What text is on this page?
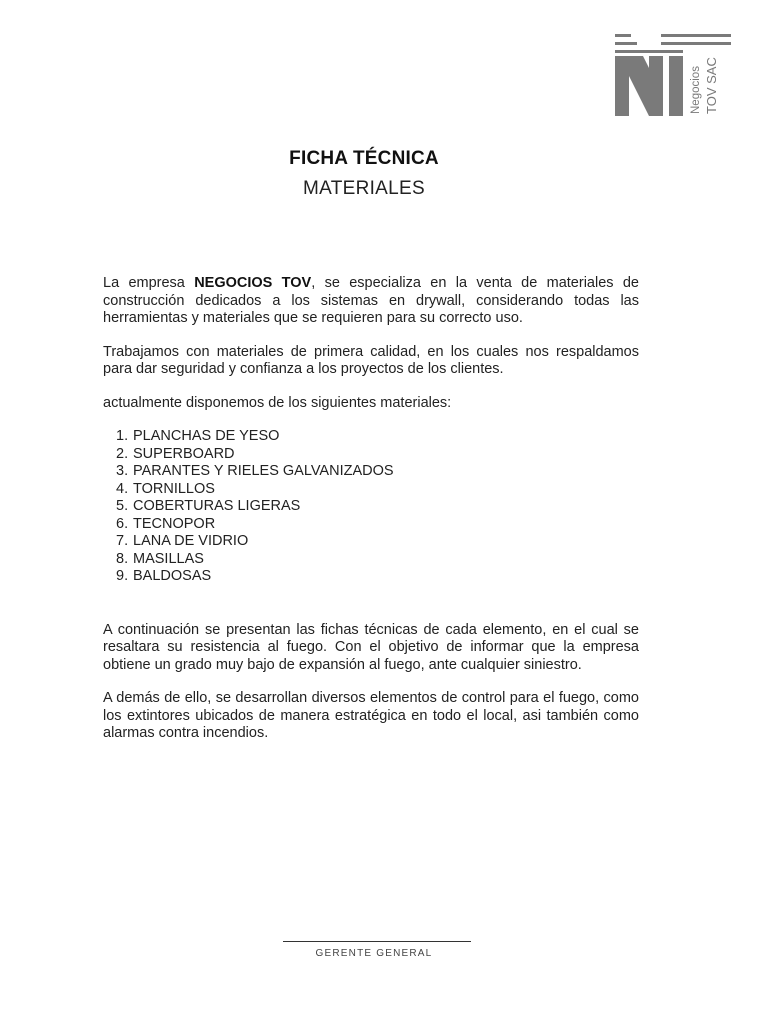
Negocios TOV SAC
FICHA TÉCNICA
MATERIALES

La empresa NEGOCIOS TOV, se especializa en la venta de materiales de construcción dedicados a los sistemas en drywall, considerando todas las herramientas y materiales que se requieren para su correcto uso.

Trabajamos con materiales de primera calidad, en los cuales nos respaldamos para dar seguridad y confianza a los proyectos de los clientes.

actualmente disponemos de los siguientes materiales:

1. PLANCHAS DE YESO
2. SUPERBOARD
3. PARANTES Y RIELES GALVANIZADOS
4. TORNILLOS
5. COBERTURAS LIGERAS
6. TECNOPOR
7. LANA DE VIDRIO
8. MASILLAS
9. BALDOSAS

A continuación se presentan las fichas técnicas de cada elemento, en el cual se resaltara su resistencia al fuego. Con el objetivo de informar que la empresa obtiene un grado muy bajo de expansión al fuego, ante cualquier siniestro.

A demás de ello, se desarrollan diversos elementos de control para el fuego, como los extintores ubicados de manera estratégica en todo el local, asi también como alarmas contra incendios.

GERENTE GENERAL
